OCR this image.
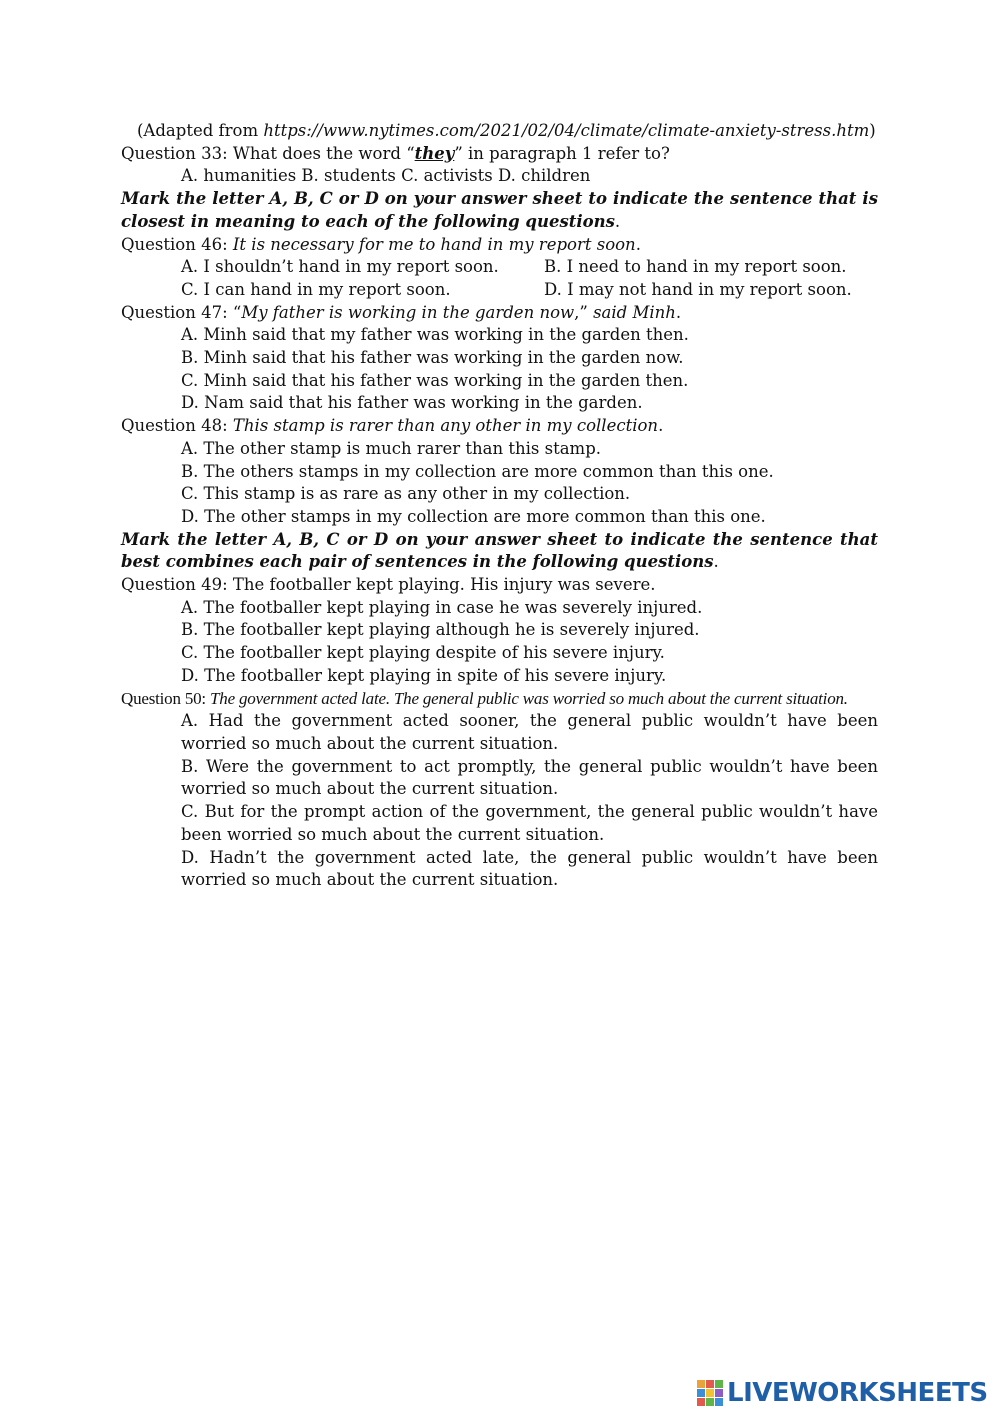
(Adapted from https://www.nytimes.com/2021/02/04/climate/climate-anxiety-stress.htm)
Question 33: What does the word “they” in paragraph 1 refer to?
A. humanities B. students C. activists D. children
Mark the letter A, B, C or D on your answer sheet to indicate the sentence that is closest in meaning to each of the following questions.
Question 46: It is necessary for me to hand in my report soon.
A. I shouldn’t hand in my report soon.	B. I need to hand in my report soon.
C. I can hand in my report soon.	D. I may not hand in my report soon.
Question 47: “My father is working in the garden now,” said Minh.
A. Minh said that my father was working in the garden then.
B. Minh said that his father was working in the garden now.
C. Minh said that his father was working in the garden then.
D. Nam said that his father was working in the garden.
Question 48: This stamp is rarer than any other in my collection.
A. The other stamp is much rarer than this stamp.
B. The others stamps in my collection are more common than this one.
C. This stamp is as rare as any other in my collection.
D. The other stamps in my collection are more common than this one.
Mark the letter A, B, C or D on your answer sheet to indicate the sentence that best combines each pair of sentences in the following questions.
Question 49: The footballer kept playing. His injury was severe.
A. The footballer kept playing in case he was severely injured.
B. The footballer kept playing although he is severely injured.
C. The footballer kept playing despite of his severe injury.
D. The footballer kept playing in spite of his severe injury.
Question 50: The government acted late. The general public was worried so much about the current situation.
A. Had the government acted sooner, the general public wouldn’t have been worried so much about the current situation.
B. Were the government to act promptly, the general public wouldn’t have been worried so much about the current situation.
C. But for the prompt action of the government, the general public wouldn’t have been worried so much about the current situation.
D. Hadn’t the government acted late, the general public wouldn’t have been worried so much about the current situation.
LIVEWORKSHEETS
